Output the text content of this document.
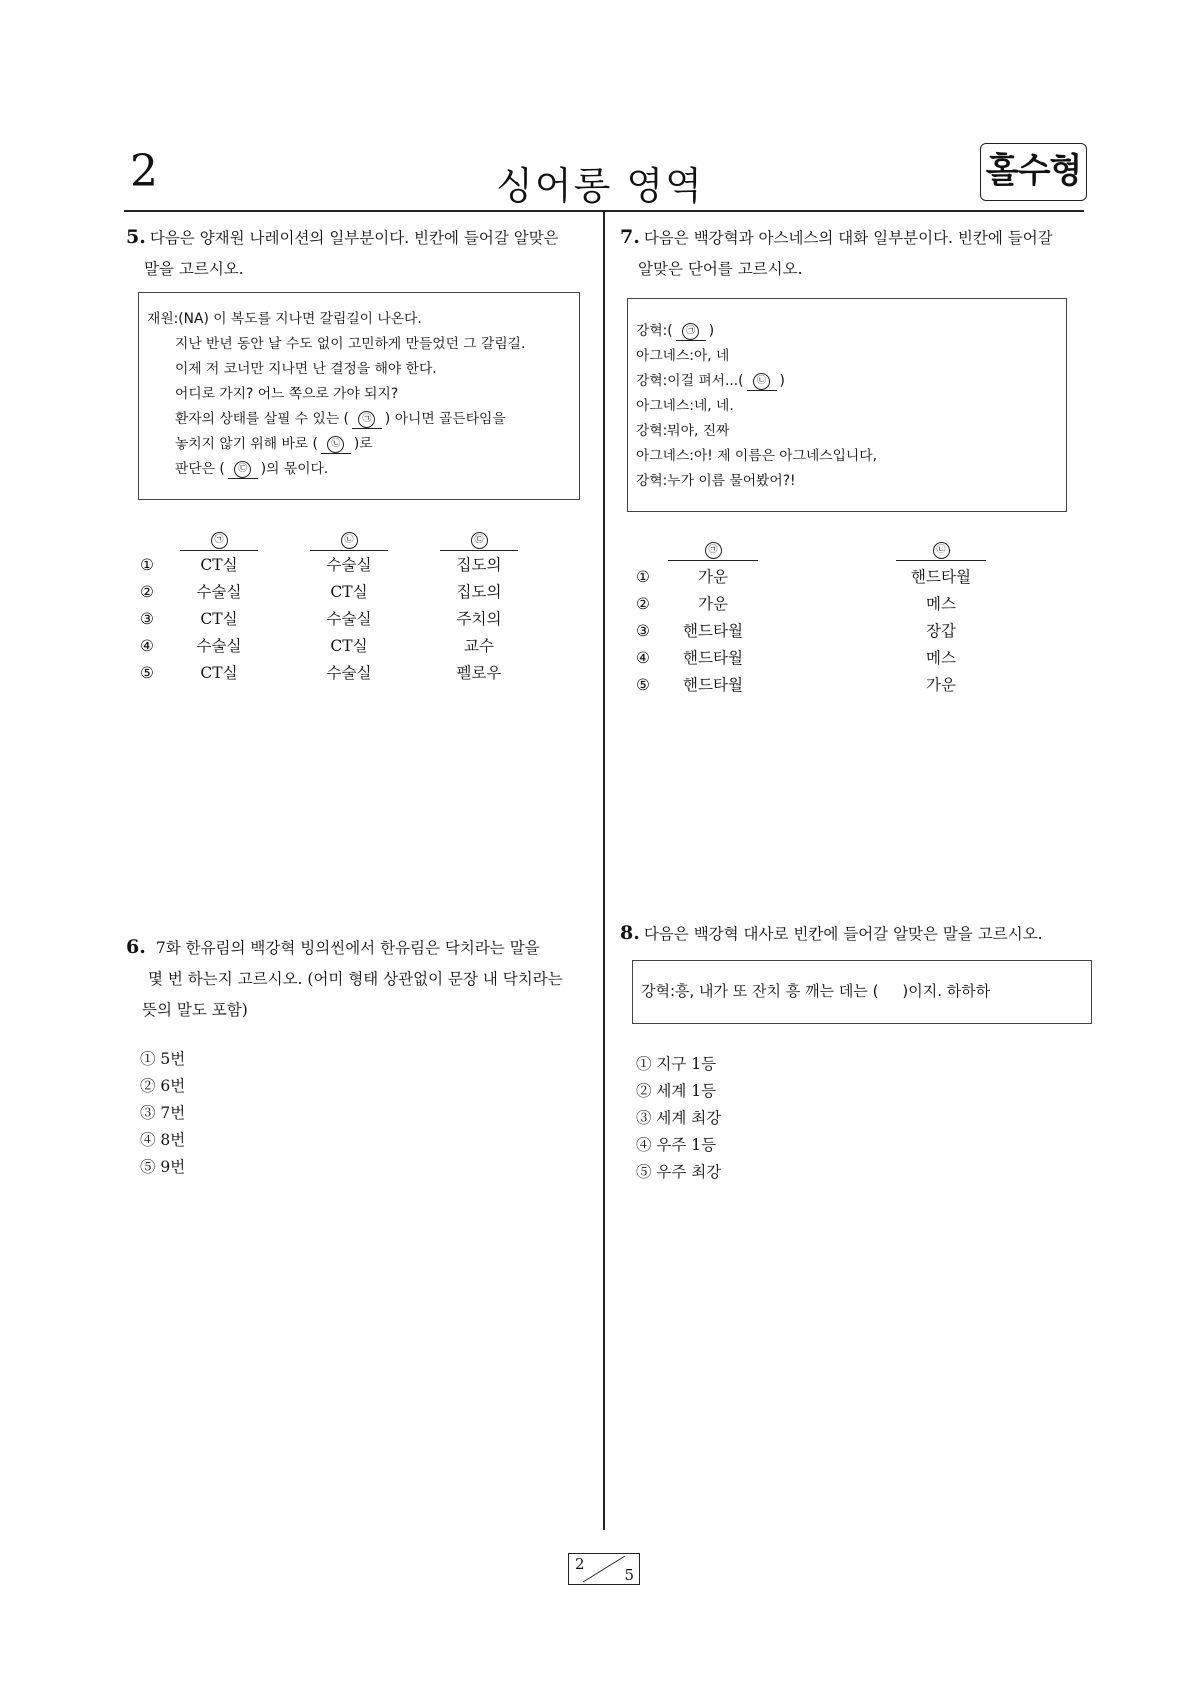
2	싱어롱 영역	홀수형
5. 다음은 양재원 나레이션의 일부분이다. 빈칸에 들어갈 알맞은
말을 고르시오.
재원:(NA) 이 복도를 지나면 갈림길이 나온다.
지난 반년 동안 날 수도 없이 고민하게 만들었던 그 갈림길.
이제 저 코너만 지나면 난 결정을 해야 한다.
어디로 가지? 어느 쪽으로 가야 되지?
환자의 상태를 살필 수 있는 ( ㉠ ) 아니면 골든타임을
놓치지 않기 위해 바로 ( ㉡ )로
판단은 ( ㉢ )의 몫이다.
㉠	㉡	㉢
①	CT실	수술실	집도의
②	수술실	CT실	집도의
③	CT실	수술실	주치의
④	수술실	CT실	교수
⑤	CT실	수술실	펠로우
7. 다음은 백강혁과 아스네스의 대화 일부분이다. 빈칸에 들어갈
알맞은 단어를 고르시오.
강혁:( ㉠ )
아그네스:아, 네
강혁:이걸 펴서...( ㉡ )
아그네스:네, 네.
강혁:뭐야, 진짜
아그네스:아! 제 이름은 아그네스입니다,
강혁:누가 이름 물어봤어?!
㉠	㉡
①	가운	핸드타월
②	가운	메스
③	핸드타월	장갑
④	핸드타월	메스
⑤	핸드타월	가운
6. 7화 한유림의 백강혁 빙의씬에서 한유림은 닥치라는 말을
몇 번 하는지 고르시오. (어미 형태 상관없이 문장 내 닥치라는
뜻의 말도 포함)
① 5번
② 6번
③ 7번
④ 8번
⑤ 9번
8. 다음은 백강혁 대사로 빈칸에 들어갈 알맞은 말을 고르시오.
강혁:흥, 내가 또 잔치 흥 깨는 데는 ( )이지. 하하하
① 지구 1등
② 세계 1등
③ 세계 최강
④ 우주 1등
⑤ 우주 최강
2
5
